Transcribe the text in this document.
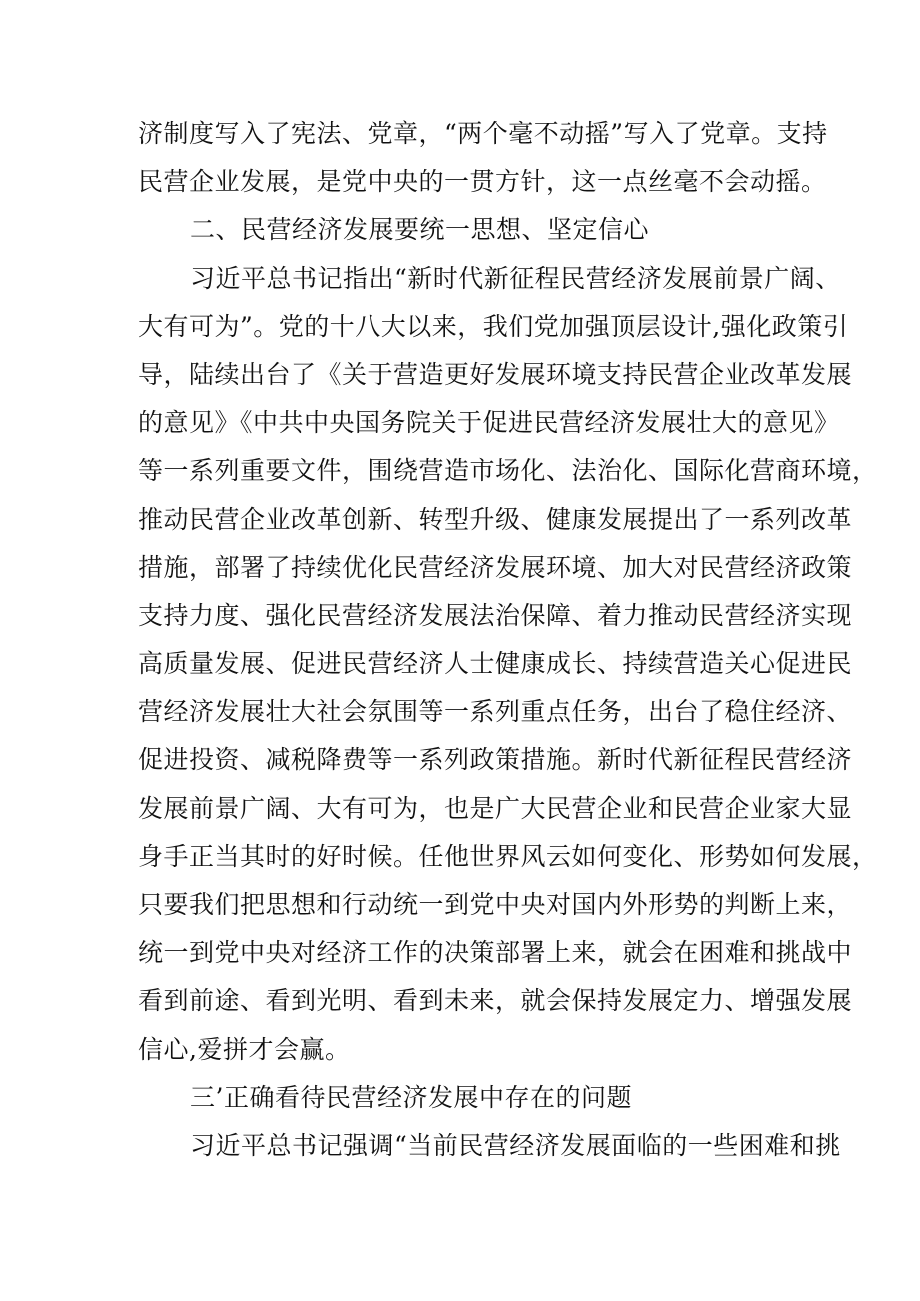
济制度写入了宪法、党章，“两个毫不动摇”写入了党章。支持
民营企业发展，是党中央的一贯方针，这一点丝毫不会动摇。
二、民营经济发展要统一思想、坚定信心
习近平总书记指出“新时代新征程民营经济发展前景广阔、
大有可为”。党的十八大以来，我们党加强顶层设计,强化政策引
导，陆续出台了《关于营造更好发展环境支持民营企业改革发展
的意见》《中共中央国务院关于促进民营经济发展壮大的意见》
等一系列重要文件，围绕营造市场化、法治化、国际化营商环境，
推动民营企业改革创新、转型升级、健康发展提出了一系列改革
措施，部署了持续优化民营经济发展环境、加大对民营经济政策
支持力度、强化民营经济发展法治保障、着力推动民营经济实现
高质量发展、促进民营经济人士健康成长、持续营造关心促进民
营经济发展壮大社会氛围等一系列重点任务，出台了稳住经济、
促进投资、减税降费等一系列政策措施。新时代新征程民营经济
发展前景广阔、大有可为，也是广大民营企业和民营企业家大显
身手正当其时的好时候。任他世界风云如何变化、形势如何发展，
只要我们把思想和行动统一到党中央对国内外形势的判断上来，
统一到党中央对经济工作的决策部署上来，就会在困难和挑战中
看到前途、看到光明、看到未来，就会保持发展定力、增强发展
信心,爱拼才会赢。
三’正确看待民营经济发展中存在的问题
习近平总书记强调“当前民营经济发展面临的一些困难和挑
